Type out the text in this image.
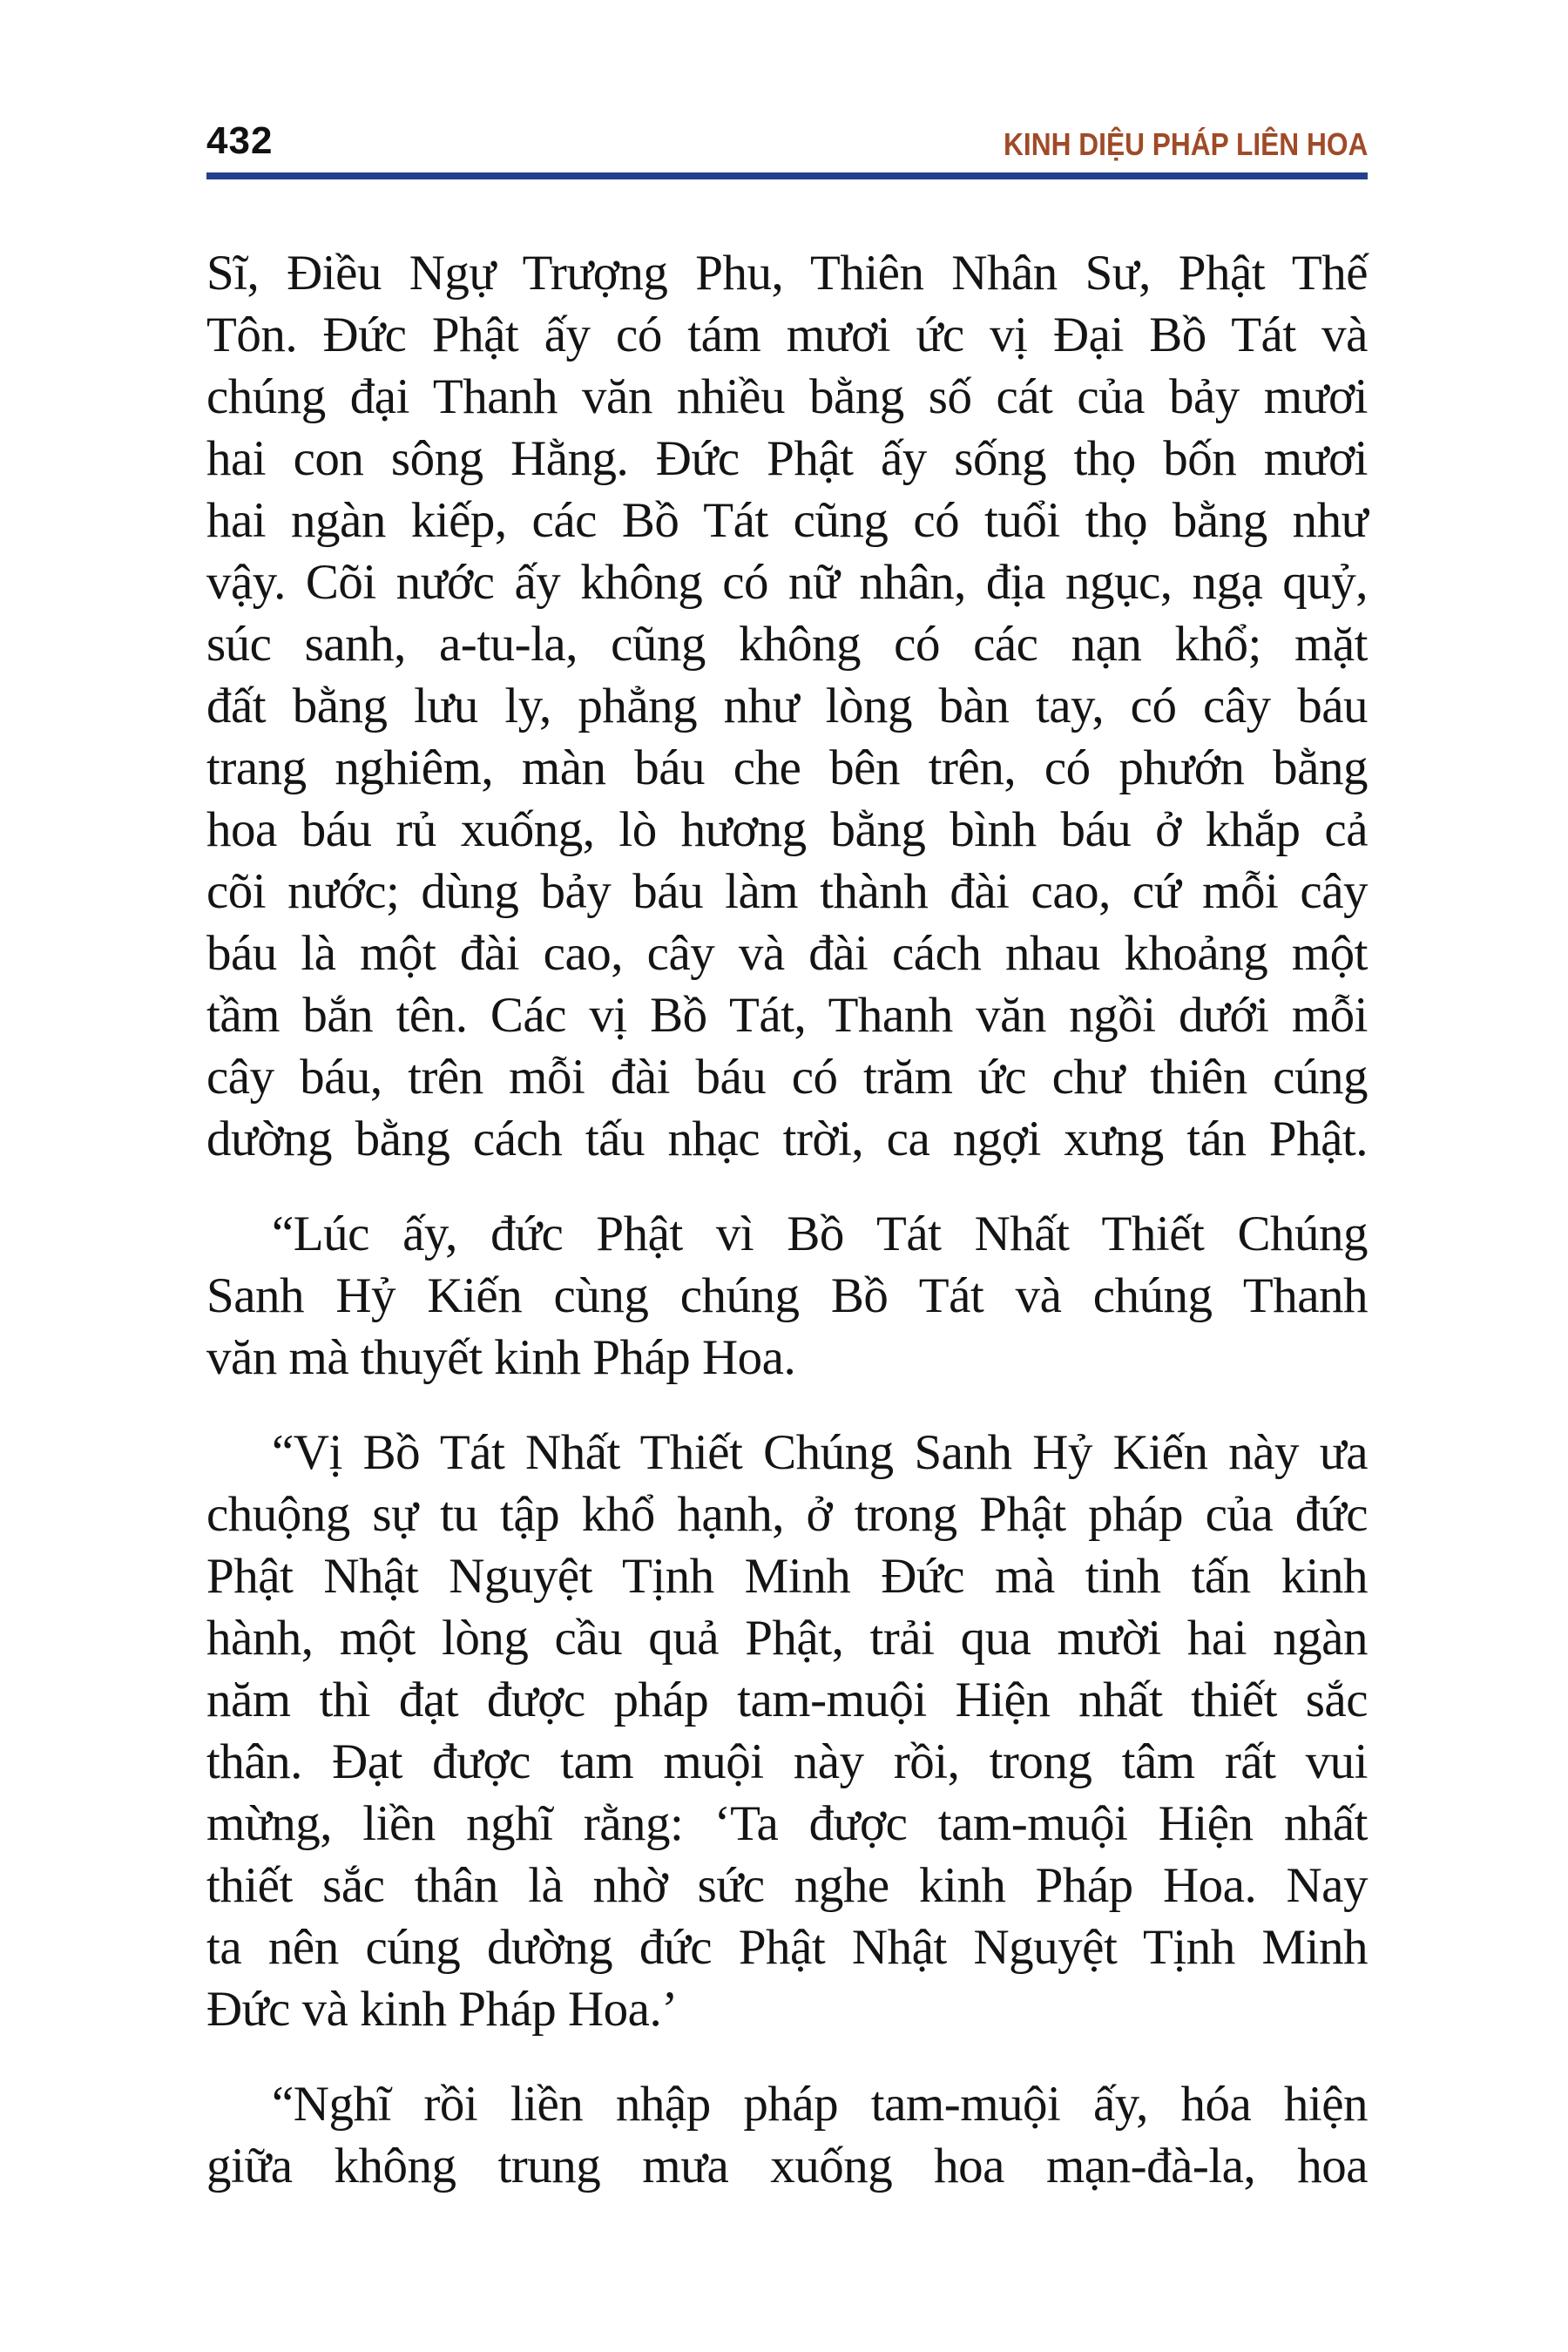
432	KINH DIỆU PHÁP LIÊN HOA
Sĩ, Điều Ngự Trượng Phu, Thiên Nhân Sư, Phật Thế
Tôn. Đức Phật ấy có tám mươi ức vị Đại Bồ Tát và
chúng đại Thanh văn nhiều bằng số cát của bảy mươi
hai con sông Hằng. Đức Phật ấy sống thọ bốn mươi
hai ngàn kiếp, các Bồ Tát cũng có tuổi thọ bằng như
vậy. Cõi nước ấy không có nữ nhân, địa ngục, ngạ quỷ,
súc sanh, a-tu-la, cũng không có các nạn khổ; mặt
đất bằng lưu ly, phẳng như lòng bàn tay, có cây báu
trang nghiêm, màn báu che bên trên, có phướn bằng
hoa báu rủ xuống, lò hương bằng bình báu ở khắp cả
cõi nước; dùng bảy báu làm thành đài cao, cứ mỗi cây
báu là một đài cao, cây và đài cách nhau khoảng một
tầm bắn tên. Các vị Bồ Tát, Thanh văn ngồi dưới mỗi
cây báu, trên mỗi đài báu có trăm ức chư thiên cúng
dường bằng cách tấu nhạc trời, ca ngợi xưng tán Phật.
“Lúc ấy, đức Phật vì Bồ Tát Nhất Thiết Chúng
Sanh Hỷ Kiến cùng chúng Bồ Tát và chúng Thanh
văn mà thuyết kinh Pháp Hoa.
“Vị Bồ Tát Nhất Thiết Chúng Sanh Hỷ Kiến này ưa
chuộng sự tu tập khổ hạnh, ở trong Phật pháp của đức
Phật Nhật Nguyệt Tịnh Minh Đức mà tinh tấn kinh
hành, một lòng cầu quả Phật, trải qua mười hai ngàn
năm thì đạt được pháp tam-muội Hiện nhất thiết sắc
thân. Đạt được tam muội này rồi, trong tâm rất vui
mừng, liền nghĩ rằng: ‘Ta được tam-muội Hiện nhất
thiết sắc thân là nhờ sức nghe kinh Pháp Hoa. Nay
ta nên cúng dường đức Phật Nhật Nguyệt Tịnh Minh
Đức và kinh Pháp Hoa.’
“Nghĩ rồi liền nhập pháp tam-muội ấy, hóa hiện
giữa không trung mưa xuống hoa mạn-đà-la, hoa
